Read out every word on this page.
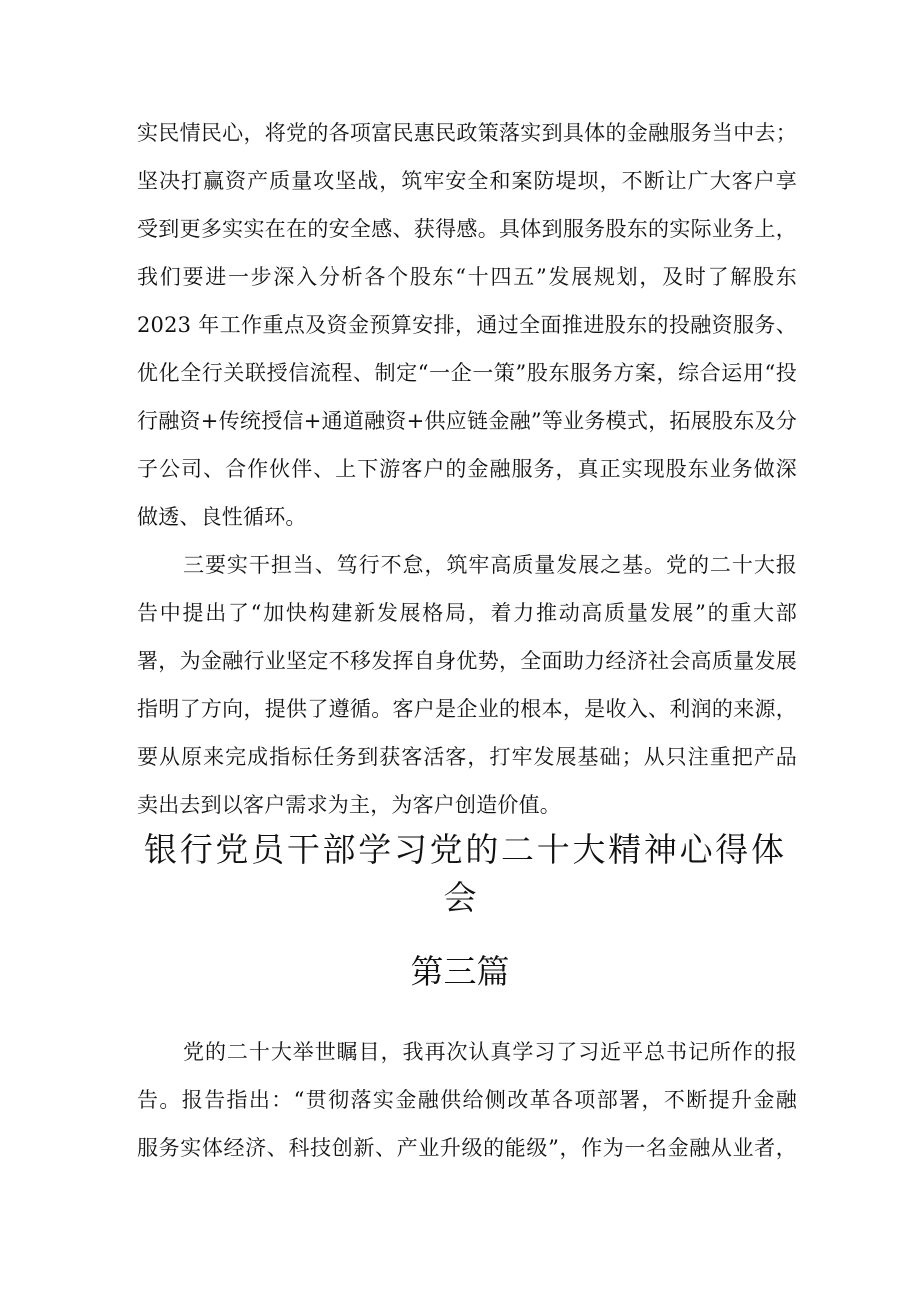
实民情民心，将党的各项富民惠民政策落实到具体的金融服务当中去；
坚决打赢资产质量攻坚战，筑牢安全和案防堤坝，不断让广大客户享
受到更多实实在在的安全感、获得感。具体到服务股东的实际业务上，
我们要进一步深入分析各个股东“十四五”发展规划，及时了解股东
2023 年工作重点及资金预算安排，通过全面推进股东的投融资服务、
优化全行关联授信流程、制定“一企一策”股东服务方案，综合运用“投
行融资+传统授信+通道融资+供应链金融”等业务模式，拓展股东及分
子公司、合作伙伴、上下游客户的金融服务，真正实现股东业务做深
做透、良性循环。
三要实干担当、笃行不怠，筑牢高质量发展之基。党的二十大报
告中提出了“加快构建新发展格局，着力推动高质量发展”的重大部
署，为金融行业坚定不移发挥自身优势，全面助力经济社会高质量发展
指明了方向，提供了遵循。客户是企业的根本，是收入、利润的来源，
要从原来完成指标任务到获客活客，打牢发展基础；从只注重把产品
卖出去到以客户需求为主，为客户创造价值。
银行党员干部学习党的二十大精神心得体
会
第三篇
党的二十大举世瞩目，我再次认真学习了习近平总书记所作的报
告。报告指出：“贯彻落实金融供给侧改革各项部署，不断提升金融
服务实体经济、科技创新、产业升级的能级”，作为一名金融从业者，
